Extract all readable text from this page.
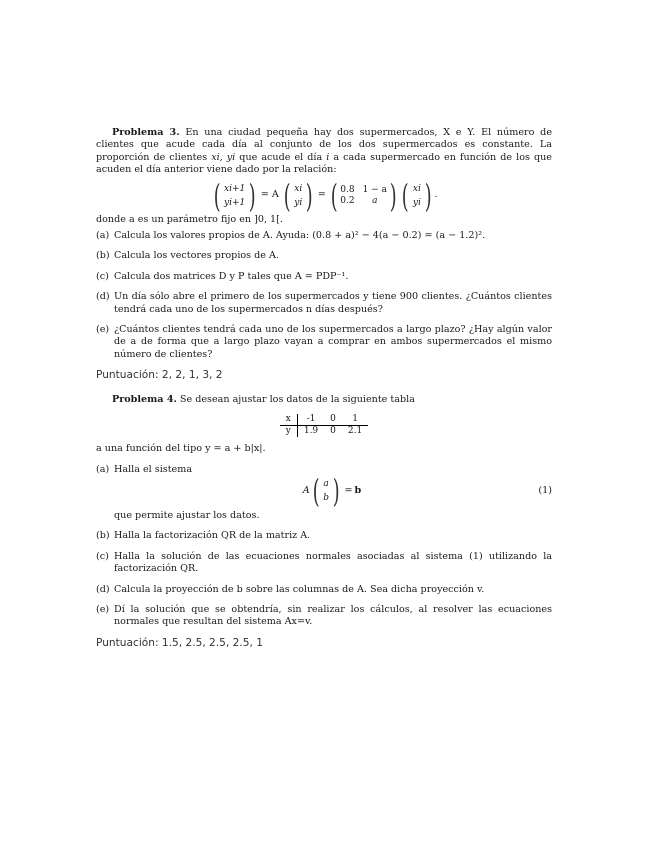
Problema 3. En una ciudad pequeña hay dos supermercados, X e Y. El número de clientes que acude cada día al conjunto de los dos supermercados es constante. La proporción de clientes xi, yi que acude el día i a cada supermercado en función de los que acuden el día anterior viene dado por la relación:
( xi+1
yi+1 ) = A ( xi
yi ) = ( 0.8 1 − a
0.2	a ) ( xi
yi ) .
donde a es un parámetro fijo en ]0, 1[.
(a) Calcula los valores propios de A. Ayuda: (0.8 + a)² − 4(a − 0.2) = (a − 1.2)².
(b) Calcula los vectores propios de A.
(c) Calcula dos matrices D y P tales que A = PDP⁻¹.
(d) Un día sólo abre el primero de los supermercados y tiene 900 clientes. ¿Cuántos clientes tendrá cada uno de los supermercados n días después?
(e) ¿Cuántos clientes tendrá cada uno de los supermercados a largo plazo? ¿Hay algún valor de a de forma que a largo plazo vayan a comprar en ambos supermercados el mismo número de clientes?
Puntuación: 2, 2, 1, 3, 2
Problema 4. Se desean ajustar los datos de la siguiente tabla
x	-1	0	1
y	1.9	0	2.1
a una función del tipo y = a + b|x|.
(a) Halla el sistema
A ( a
b ) = b	(1)
que permite ajustar los datos.
(b) Halla la factorización QR de la matriz A.
(c) Halla la solución de las ecuaciones normales asociadas al sistema (1) utilizando la factorización QR.
(d) Calcula la proyección de b sobre las columnas de A. Sea dicha proyección v.
(e) Dí la solución que se obtendría, sin realizar los cálculos, al resolver las ecuaciones normales que resultan del sistema Ax=v.
Puntuación: 1.5, 2.5, 2.5, 2.5, 1
